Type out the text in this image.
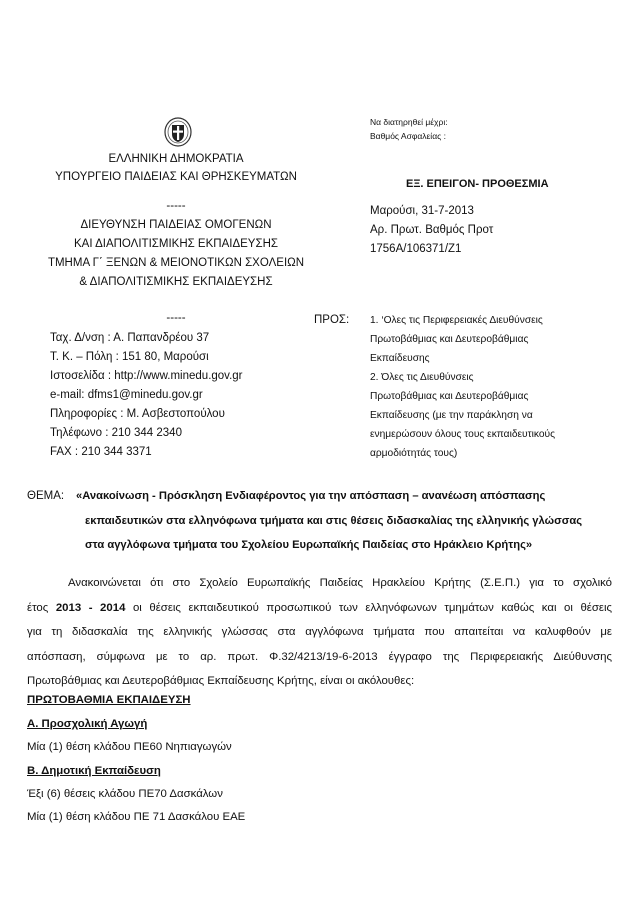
ΕΛΛΗΝΙΚΗ ΔΗΜΟΚΡΑΤΙΑ
ΥΠΟΥΡΓΕΙΟ ΠΑΙΔΕΙΑΣ ΚΑΙ ΘΡΗΣΚΕΥΜΑΤΩΝ
-----
ΔΙΕΥΘΥΝΣΗ ΠΑΙΔΕΙΑΣ ΟΜΟΓΕΝΩΝ
ΚΑΙ ΔΙΑΠΟΛΙΤΙΣΜΙΚΗΣ ΕΚΠΑΙΔΕΥΣΗΣ
ΤΜΗΜΑ Γ΄ ΞΕΝΩΝ & ΜΕΙΟΝΟΤΙΚΩΝ ΣΧΟΛΕΙΩΝ
& ΔΙΑΠΟΛΙΤΙΣΜΙΚΗΣ ΕΚΠΑΙΔΕΥΣΗΣ
-----
Ταχ. Δ/νση : Α. Παπανδρέου 37
Τ. Κ. – Πόλη : 151 80, Μαρούσι
Ιστοσελίδα : http://www.minedu.gov.gr
e-mail: dfms1@minedu.gov.gr
Πληροφορίες : Μ. Ασβεστοπούλου
Τηλέφωνο : 210 344 2340
FAX : 210 344 3371
Να διατηρηθεί μέχρι:
Βαθμός Ασφαλείας :
ΕΞ. ΕΠΕΙΓΟΝ- ΠΡΟΘΕΣΜΙΑ
Μαρούσι, 31-7-2013
Αρ. Πρωτ. Βαθμός Προτ
1756Α/106371/Ζ1
ΠΡΟΣ: 1. ‘Ολες τις Περιφερειακές Διευθύνσεις
Πρωτοβάθμιας και Δευτεροβάθμιας
Εκπαίδευσης
2. Όλες τις Διευθύνσεις
Πρωτοβάθμιας και Δευτεροβάθμιας
Εκπαίδευσης (με την παράκληση να
ενημερώσουν όλους τους εκπαιδευτικούς
αρμοδιότητάς τους)
ΘΕΜΑ: «Ανακοίνωση - Πρόσκληση Ενδιαφέροντος για την απόσπαση – ανανέωση απόσπασης
εκπαιδευτικών στα ελληνόφωνα τμήματα και στις θέσεις διδασκαλίας της ελληνικής γλώσσας
στα αγγλόφωνα τμήματα του Σχολείου Ευρωπαϊκής Παιδείας στο Ηράκλειο Κρήτης»
Ανακοινώνεται ότι στο Σχολείο Ευρωπαϊκής Παιδείας Ηρακλείου Κρήτης (Σ.Ε.Π.) για το σχολικό
έτος 2013 - 2014 οι θέσεις εκπαιδευτικού προσωπικού των ελληνόφωνων τμημάτων καθώς και οι θέσεις
για τη διδασκαλία της ελληνικής γλώσσας στα αγγλόφωνα τμήματα που απαιτείται να καλυφθούν με
απόσπαση, σύμφωνα με το αρ. πρωτ. Φ.32/4213/19-6-2013 έγγραφο της Περιφερειακής Διεύθυνσης
Πρωτοβάθμιας και Δευτεροβάθμιας Εκπαίδευσης Κρήτης, είναι οι ακόλουθες:
ΠΡΩΤΟΒΑΘΜΙΑ ΕΚΠΑΙΔΕΥΣΗ
Α. Προσχολική Αγωγή
Μία (1) θέση κλάδου ΠΕ60 Νηπιαγωγών
Β. Δημοτική Εκπαίδευση
Έξι (6) θέσεις κλάδου ΠΕ70 Δασκάλων
Μία (1) θέση κλάδου ΠΕ 71 Δασκάλου ΕΑΕ
